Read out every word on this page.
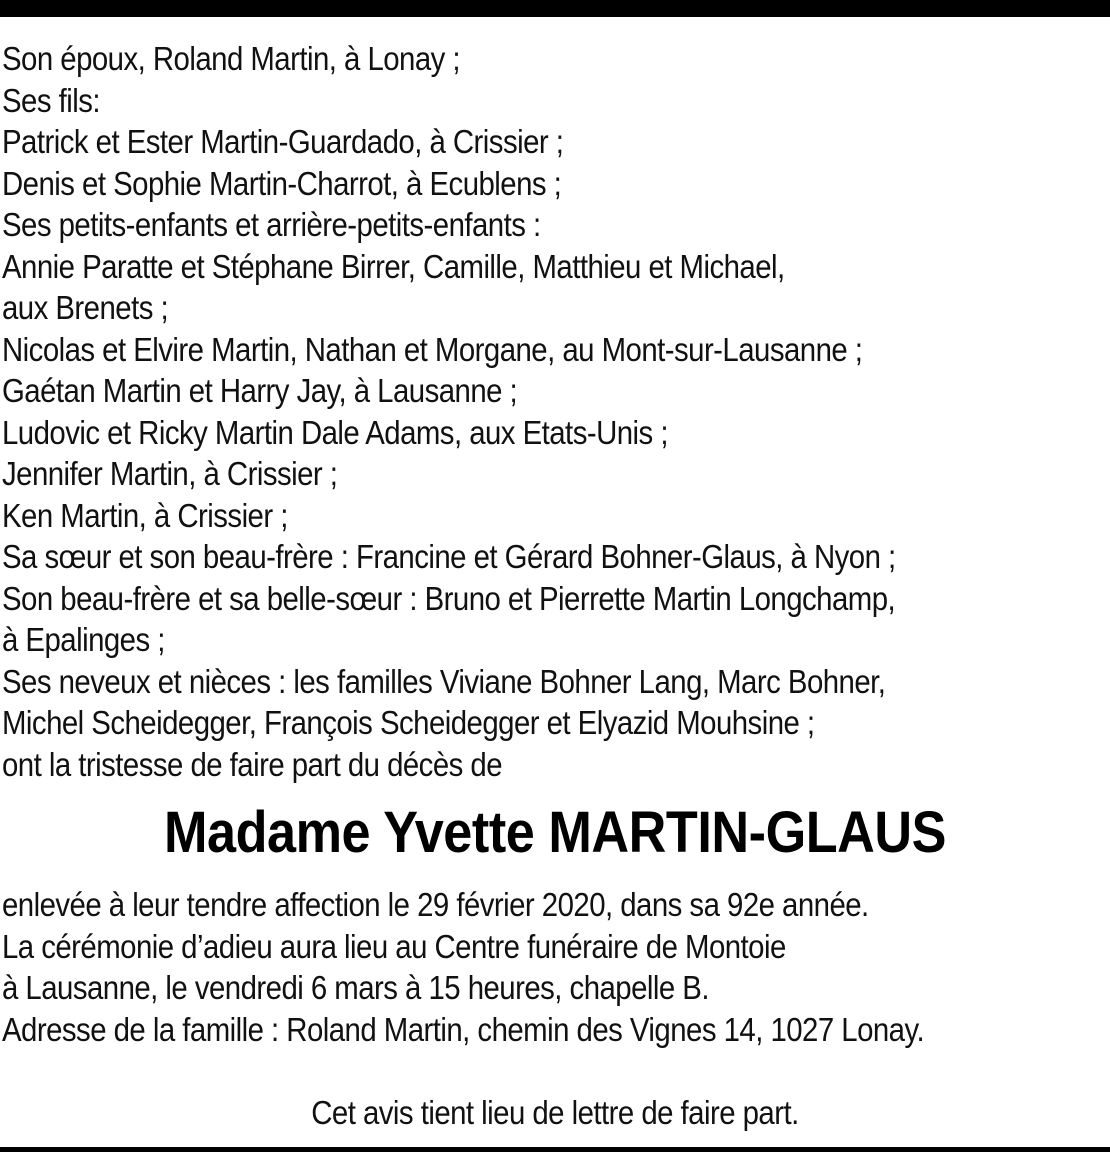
Son époux, Roland Martin, à Lonay ;
Ses fils:
Patrick et Ester Martin-Guardado, à Crissier ;
Denis et Sophie Martin-Charrot, à Ecublens ;
Ses petits-enfants et arrière-petits-enfants :
Annie Paratte et Stéphane Birrer, Camille, Matthieu et Michael,
aux Brenets ;
Nicolas et Elvire Martin, Nathan et Morgane, au Mont-sur-Lausanne ;
Gaétan Martin et Harry Jay, à Lausanne ;
Ludovic et Ricky Martin Dale Adams, aux Etats-Unis ;
Jennifer Martin, à Crissier ;
Ken Martin, à Crissier ;
Sa sœur et son beau-frère : Francine et Gérard Bohner-Glaus, à Nyon ;
Son beau-frère et sa belle-sœur : Bruno et Pierrette Martin Longchamp,
à Epalinges ;
Ses neveux et nièces : les familles Viviane Bohner Lang, Marc Bohner,
Michel Scheidegger, François Scheidegger et Elyazid Mouhsine ;
ont la tristesse de faire part du décès de
Madame Yvette MARTIN-GLAUS
enlevée à leur tendre affection le 29 février 2020, dans sa 92e année.
La cérémonie d’adieu aura lieu au Centre funéraire de Montoie
à Lausanne, le vendredi 6 mars à 15 heures, chapelle B.
Adresse de la famille : Roland Martin, chemin des Vignes 14, 1027 Lonay.
Cet avis tient lieu de lettre de faire part.
